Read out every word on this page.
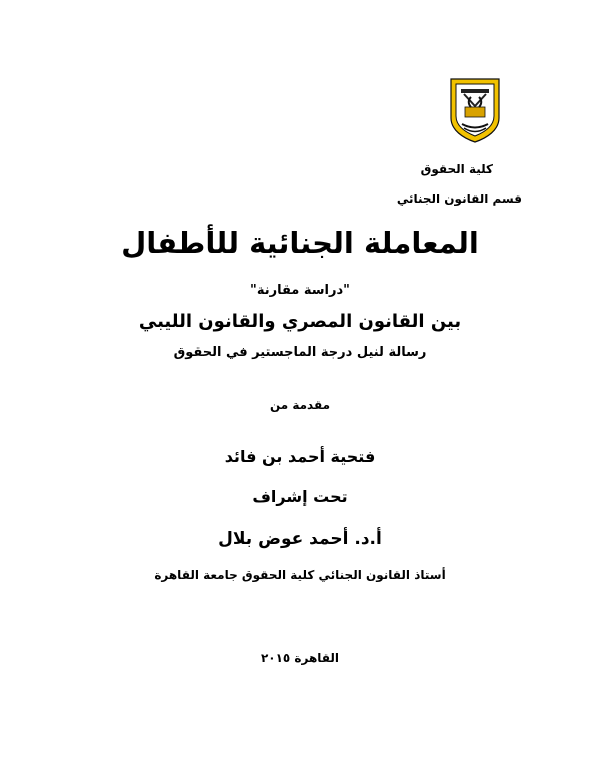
كلية الحقوق
قسم القانون الجنائي
المعاملة الجنائية للأطفال
"دراسة مقارنة"
بين القانون المصري والقانون الليبي
رسالة لنيل درجة الماجستير في الحقوق
مقدمة من
فتحية أحمد بن فائد
تحت إشراف
أ.د. أحمد عوض بلال
أستاذ القانون الجنائي كلية الحقوق جامعة القاهرة
القاهرة ٢٠١٥
